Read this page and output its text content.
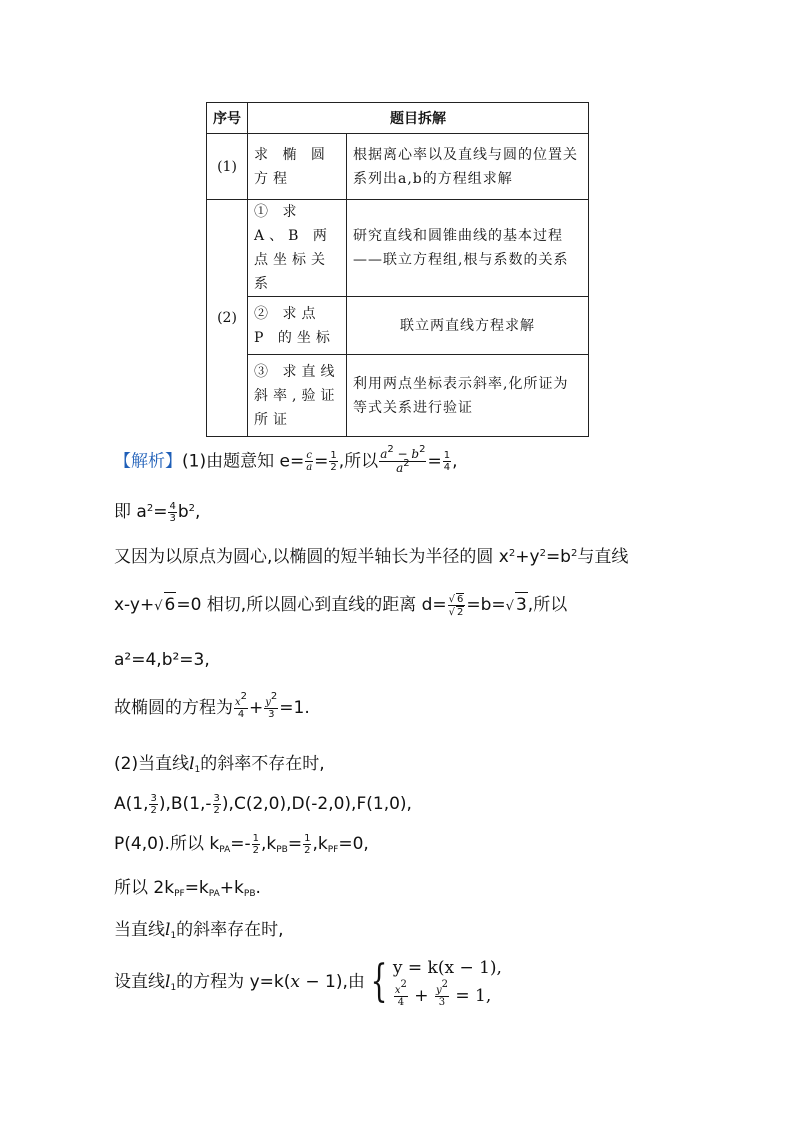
序号	题目拆解	
(1)	求 椭 圆 方程	根据离心率以及直线与圆的位置关系列出a,b的方程组求解
(2)	① 求 A、B 两点坐标关系	研究直线和圆锥曲线的基本过程——联立方程组,根与系数的关系
	② 求点 P 的坐标	联立两直线方程求解
	③ 求直线斜率,验证所证	利用两点坐标表示斜率,化所证为等式关系进行验证
【解析】(1)由题意知 $e= \frac{c}{a} = \frac{1}{2}$ ,所以 $\frac{a^2 - b^2}{a^2} = \frac{1}{4}$ ,
即 $a^2= \frac{4}{3} b^2$,
又因为以原点为圆心,以椭圆的短半轴长为半径的圆 $x^2+y^2=b^2$与直线
x-y+√ 6=0 相切,所以圆心到直线的距离 $d= \frac{√ 6}{√ 2} =b=√$ 3,所以
a²=4,b²=3,
故椭圆的方程为 $\frac{x^2}{4} + \frac{y^2}{3} =1$.
(2)当直线$l_1$的斜率不存在时,
A(1, $\frac{3}{2} ),B(1,- \frac{3}{2} ),C(2,0),D(-2,0),F(1,0)$,
P(4,0).所以 $k_{PA}=- \frac{1}{2} ,k_{PB}= \frac{1}{2} ,k_{PF}=0$,
所以 $2k_{PF}=k_{PA}+k_{PB}$.
当直线$l_1$的斜率存在时,
设直线$l_1$的方程为 y=k(x − 1),由 { y = k(x − 1),
$\frac{x^2}{4} + \frac{y^2}{3} = 1$,
